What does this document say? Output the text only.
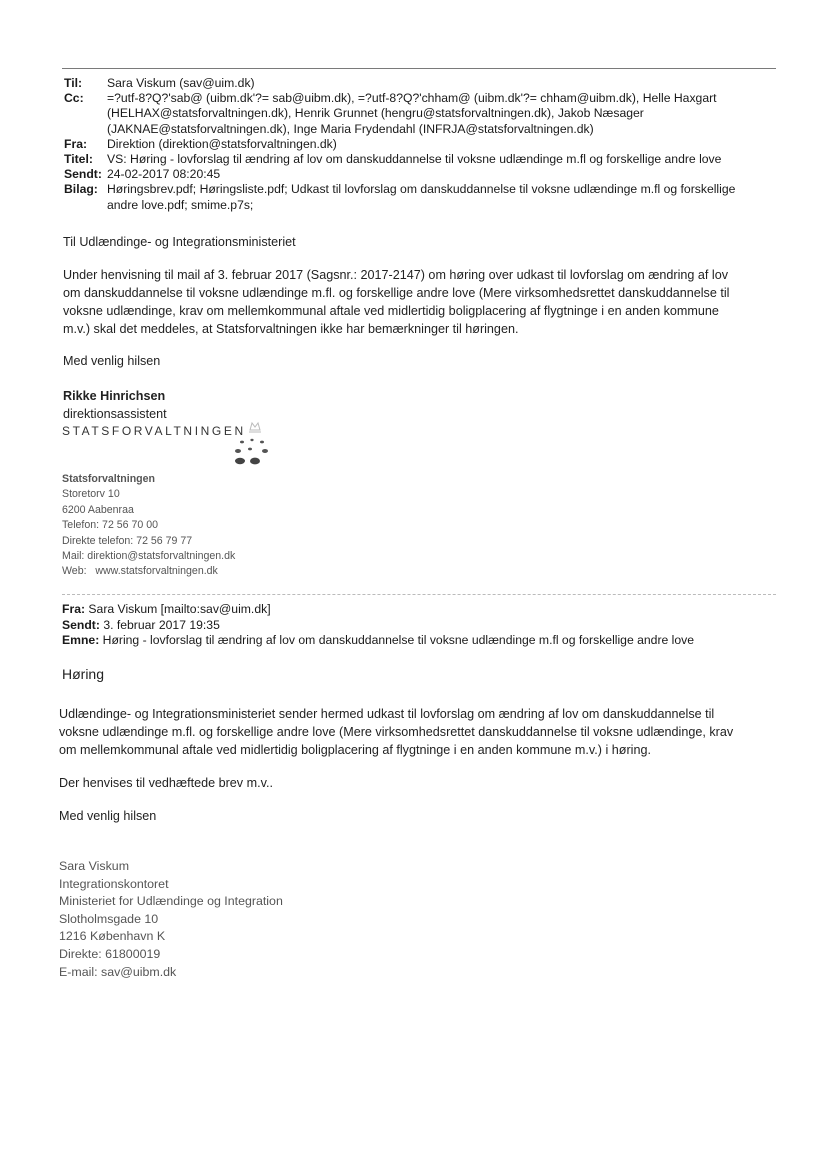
Til:	Sara Viskum (sav@uim.dk)
Cc:	=?utf-8?Q?'sab@ (uibm.dk'?= sab@uibm.dk), =?utf-8?Q?'chham@ (uibm.dk'?= chham@uibm.dk), Helle Haxgart
(HELHAX@statsforvaltningen.dk), Henrik Grunnet (hengru@statsforvaltningen.dk), Jakob Næsager
(JAKNAE@statsforvaltningen.dk), Inge Maria Frydendahl (INFRJA@statsforvaltningen.dk)
Fra:	Direktion (direktion@statsforvaltningen.dk)
Titel:	VS: Høring - lovforslag til ændring af lov om danskuddannelse til voksne udlændinge m.fl og forskellige andre love
Sendt: 24-02-2017 08:20:45
Bilag: Høringsbrev.pdf; Høringsliste.pdf; Udkast til lovforslag om danskuddannelse til voksne udlændinge m.fl og forskellige
andre love.pdf; smime.p7s;
Til Udlændinge- og Integrationsministeriet
Under henvisning til mail af 3. februar 2017 (Sagsnr.: 2017-2147) om høring over udkast til lovforslag om ændring af lov
om danskuddannelse til voksne udlændinge m.fl. og forskellige andre love (Mere virksomhedsrettet danskuddannelse til
voksne udlændinge, krav om mellemkommunal aftale ved midlertidig boligplacering af flygtninge i en anden kommune
m.v.) skal det meddeles, at Statsforvaltningen ikke har bemærkninger til høringen.
Med venlig hilsen
Rikke Hinrichsen
direktionsassistent
STATSFORVALTNINGEN
Statsforvaltningen
Storetorv 10
6200 Aabenraa
Telefon: 72 56 70 00
Direkte telefon: 72 56 79 77
Mail: direktion@statsforvaltningen.dk
Web:   www.statsforvaltningen.dk
Fra: Sara Viskum [mailto:sav@uim.dk]
Sendt: 3. februar 2017 19:35
Emne: Høring - lovforslag til ændring af lov om danskuddannelse til voksne udlændinge m.fl og forskellige andre love
Høring
Udlændinge- og Integrationsministeriet sender hermed udkast til lovforslag om ændring af lov om danskuddannelse til
voksne udlændinge m.fl. og forskellige andre love (Mere virksomhedsrettet danskuddannelse til voksne udlændinge, krav
om mellemkommunal aftale ved midlertidig boligplacering af flygtninge i en anden kommune m.v.) i høring.
Der henvises til vedhæftede brev m.v..
Med venlig hilsen
Sara Viskum
Integrationskontoret
Ministeriet for Udlændinge og Integration
Slotholmsgade 10
1216 København K
Direkte: 61800019
E-mail: sav@uibm.dk
